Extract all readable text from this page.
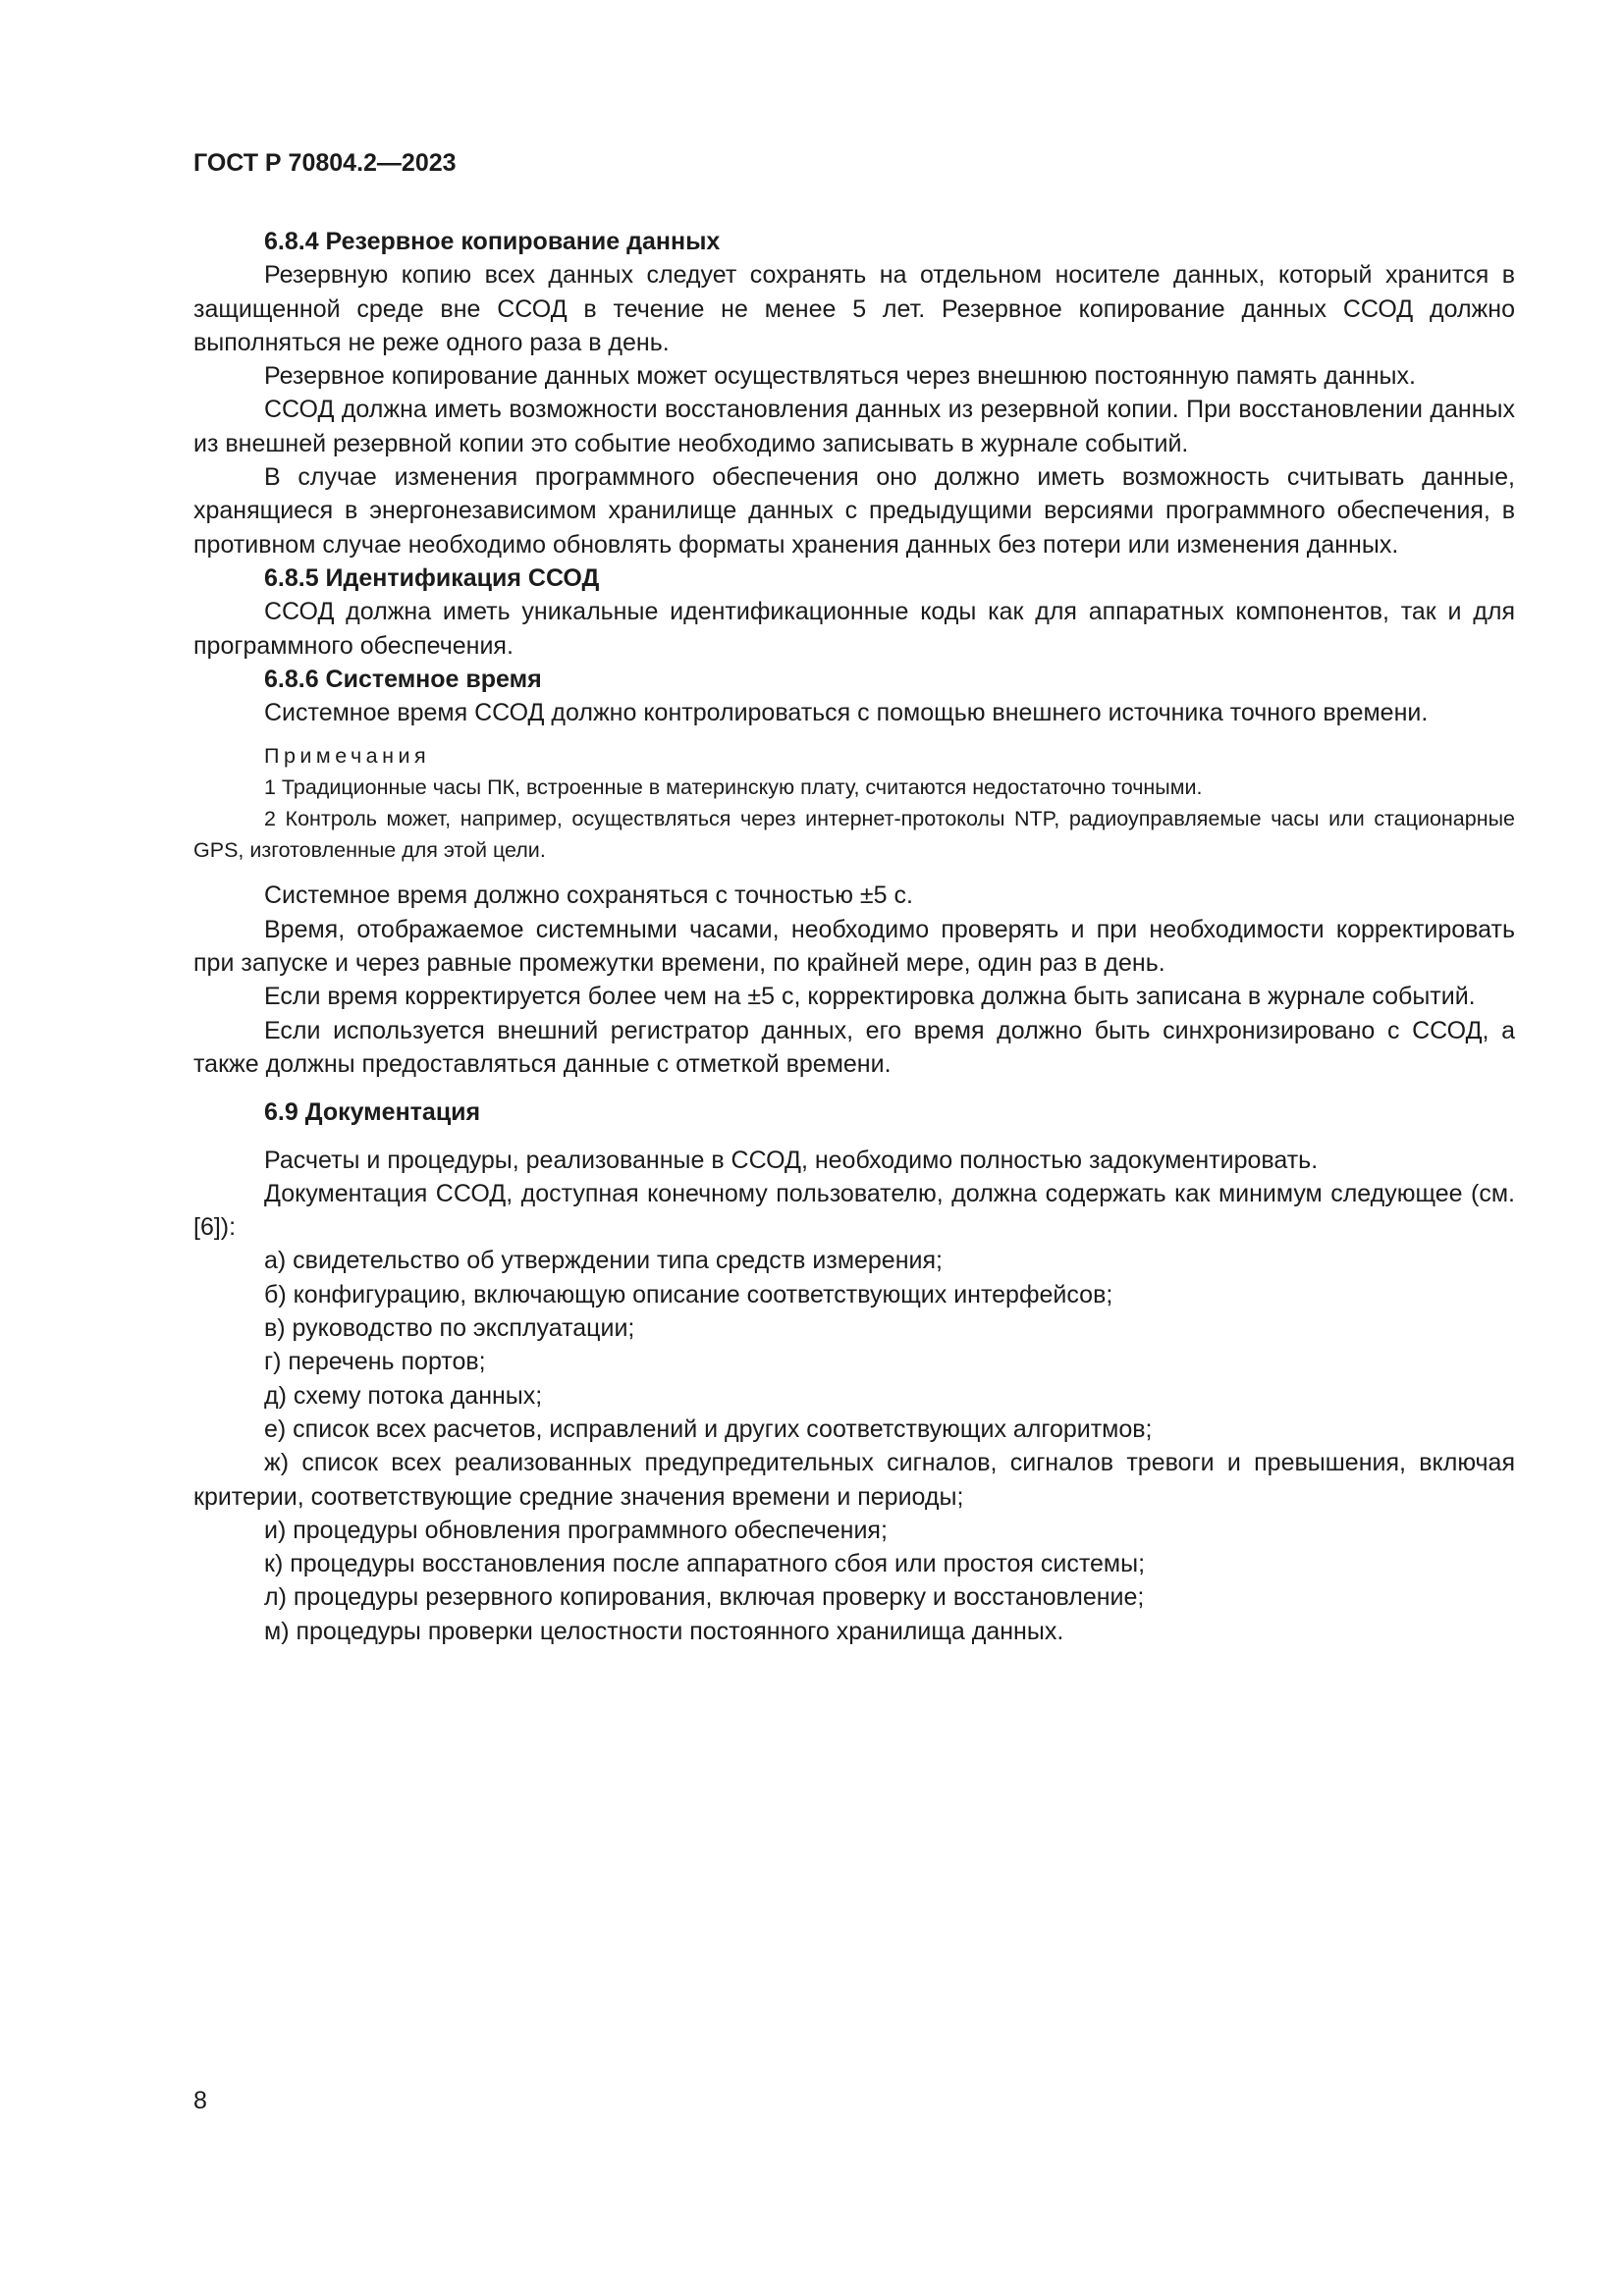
ГОСТ Р 70804.2—2023
6.8.4 Резервное копирование данных

Резервную копию всех данных следует сохранять на отдельном носителе данных, который хранится в защищенной среде вне ССОД в течение не менее 5 лет. Резервное копирование данных ССОД должно выполняться не реже одного раза в день.

Резервное копирование данных может осуществляться через внешнюю постоянную память данных.

ССОД должна иметь возможности восстановления данных из резервной копии. При восстановлении данных из внешней резервной копии это событие необходимо записывать в журнале событий.

В случае изменения программного обеспечения оно должно иметь возможность считывать данные, хранящиеся в энергонезависимом хранилище данных с предыдущими версиями программного обеспечения, в противном случае необходимо обновлять форматы хранения данных без потери или изменения данных.

6.8.5 Идентификация ССОД

ССОД должна иметь уникальные идентификационные коды как для аппаратных компонентов, так и для программного обеспечения.

6.8.6 Системное время

Системное время ССОД должно контролироваться с помощью внешнего источника точного времени.

Примечания

1 Традиционные часы ПК, встроенные в материнскую плату, считаются недостаточно точными.

2 Контроль может, например, осуществляться через интернет-протоколы NTP, радиоуправляемые часы или стационарные GPS, изготовленные для этой цели.

Системное время должно сохраняться с точностью ±5 с.

Время, отображаемое системными часами, необходимо проверять и при необходимости корректировать при запуске и через равные промежутки времени, по крайней мере, один раз в день.

Если время корректируется более чем на ±5 с, корректировка должна быть записана в журнале событий.

Если используется внешний регистратор данных, его время должно быть синхронизировано с ССОД, а также должны предоставляться данные с отметкой времени.

6.9 Документация

Расчеты и процедуры, реализованные в ССОД, необходимо полностью задокументировать.

Документация ССОД, доступная конечному пользователю, должна содержать как минимум следующее (см. [6]):

а) свидетельство об утверждении типа средств измерения;
б) конфигурацию, включающую описание соответствующих интерфейсов;
в) руководство по эксплуатации;
г) перечень портов;
д) схему потока данных;
е) список всех расчетов, исправлений и других соответствующих алгоритмов;
ж) список всех реализованных предупредительных сигналов, сигналов тревоги и превышения, включая критерии, соответствующие средние значения времени и периоды;
и) процедуры обновления программного обеспечения;
к) процедуры восстановления после аппаратного сбоя или простоя системы;
л) процедуры резервного копирования, включая проверку и восстановление;
м) процедуры проверки целостности постоянного хранилища данных.
8
